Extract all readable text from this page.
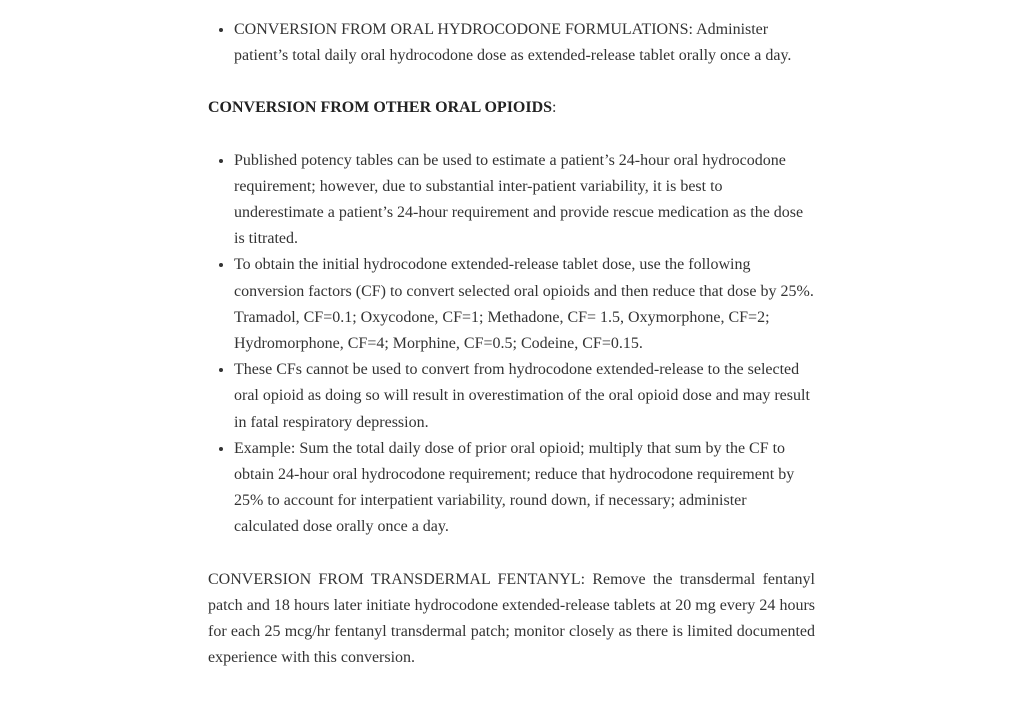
• CONVERSION FROM ORAL HYDROCODONE FORMULATIONS: Administer patient’s total daily oral hydrocodone dose as extended-release tablet orally once a day.

CONVERSION FROM OTHER ORAL OPIOIDS:

• Published potency tables can be used to estimate a patient’s 24-hour oral hydrocodone requirement; however, due to substantial inter-patient variability, it is best to underestimate a patient’s 24-hour requirement and provide rescue medication as the dose is titrated.
• To obtain the initial hydrocodone extended-release tablet dose, use the following conversion factors (CF) to convert selected oral opioids and then reduce that dose by 25%. Tramadol, CF=0.1; Oxycodone, CF=1; Methadone, CF= 1.5, Oxymorphone, CF=2; Hydromorphone, CF=4; Morphine, CF=0.5; Codeine, CF=0.15.
• These CFs cannot be used to convert from hydrocodone extended-release to the selected oral opioid as doing so will result in overestimation of the oral opioid dose and may result in fatal respiratory depression.
• Example: Sum the total daily dose of prior oral opioid; multiply that sum by the CF to obtain 24-hour oral hydrocodone requirement; reduce that hydrocodone requirement by 25% to account for interpatient variability, round down, if necessary; administer calculated dose orally once a day.

CONVERSION FROM TRANSDERMAL FENTANYL: Remove the transdermal fentanyl patch and 18 hours later initiate hydrocodone extended-release tablets at 20 mg every 24 hours for each 25 mcg/hr fentanyl transdermal patch; monitor closely as there is limited documented experience with this conversion.
